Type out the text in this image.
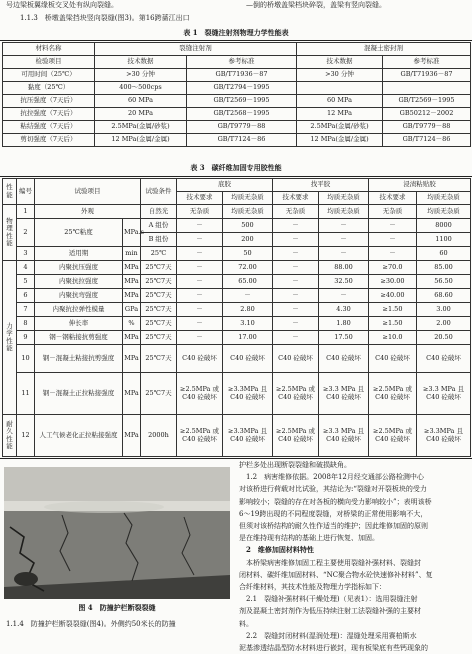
号边梁板翼缘板交叉处有纵向裂缝。	—倒的桥墩盖梁档块碎裂，盖梁有竖向裂缝。
1.1.3　桥墩盖梁挡块竖向裂缝(图3)。第16跨蔷江出口
表 1　裂缝注射剂物理力学性能表
材料名称	裂缝注射剂		混凝土密封剂	
检验项目	技术数据	参考标准	技术数据	参考标准
可用时间（25℃）	>30 分钟	GB/T71936－87	>30 分钟	GB/T71936－87
黏度（25℃）	400～500cps	GB/T2794－1995		
抗压强度（7天后）	60 MPa	GB/T2569－1995	60 MPa	GB/T2569－1995
抗拉强度（7天后）	20 MPa	GB/T2568－1995	12 MPa	GB50212－2002
粘结强度（7天后）	2.5MPa(金属/砂浆)	GB/T9779－88	2.5MPa(金属/砂浆)	GB/T9779－88
剪切强度（7天后）	12 MPa(金属/金属)	GB/T7124－86	12 MPa(金属/金属)	GB/T7124－86
表 3　碳纤维加固专用胶性能
性能	编号	试验项目		试验条件	底胶		找平胶		浸渍粘贴胶	
					技术要求	均质无杂质	技术要求	均质无杂质	技术要求	均质无杂质
物理性能	1	外观		自然光	无杂质	均质无杂质	无杂质	均质无杂质	无杂质	均质无杂质
	2	25℃粘度	MPa.s	A 组份	－	500	－	－	－	8000
				B 组份	－	200	－	－	－	1100
	3	适用期	min	25℃	－	50	－	－	－	60
力学性能	4	内聚抗压强度	MPa	25℃7天	－	72.00	－	88.00	≥70.0	85.00
	5	内聚抗拉强度	MPa	25℃7天	－	65.00	－	32.50	≥30.00	56.50
	6	内聚抗弯强度	MPa	25℃7天	－	－	－	－	≥40.00	68.60
	7	内聚抗拉弹性模量	GPa	25℃7天	－	2.80	－	4.30	≥1.50	3.00
	8	伸长率	%	25℃7天	－	3.10	－	1.80	≥1.50	2.00
	9	钢－钢粘接抗剪强度	MPa	25℃7天	－	17.00	－	17.50	≥10.0	20.50
	10	钢－混凝土粘接抗剪强度	MPa	25℃7天	C40 砼破坏	C40 砼破坏	C40 砼破坏	C40 砼破坏	C40 砼破坏	C40 砼破坏
	11	钢－混凝土正拉粘接强度	MPa	25℃7天	≥2.5MPa 或 C40 砼破坏	≥3.3MPa 且 C40 砼破坏	≥2.5MPa 或 C40 砼破坏	≥3.3 MPa 且 C40 砼破坏	≥2.5MPa 或 C40 砼破坏	≥3.3 MPa 且 C40 砼破坏
耐久性能	12	人工气候老化正拉粘接强度	MPa	2000h	≥2.5MPa 或 C40 砼破坏	≥3.3MPa 且 C40 砼破坏	≥2.5MPa 或 C40 砼破坏	≥3.3 MPa 且 C40 砼破坏	≥2.5MPa 或 C40 砼破坏	≥3.3MPa 且 C40 砼破坏
图 4　防撞护栏断裂裂缝
1.1.4　防撞护栏断裂裂缝(图4)。外侧约50米长的防撞
护栏多处出现断裂裂缝和破损缺角。
　1.2　病害维修依据。2008年12月经交通部公路检测中心
对该桥进行荷载对比试验，其结论为:“裂缝对开裂板块的受力
影响较小；裂缝的存在对各板的横向受力影响较小”；表明该桥
6～19跨出现的不同程度裂缝，对桥梁的正常使用影响不大，
但须对该桥结构的耐久性作适当的维护；因此维修加固的原则
是在维持现有结构的基础上进行恢复、加固。
　2　维修加固材料特性
　本桥梁病害维修加固工程主要使用裂缝补强材料、裂缝封
闭材料、碳纤维加固材料、“NC聚合物水砼快速修补材料”、复
合纤维材料，其技术性能及物理力学指标如下：
　2.1　裂缝补强材料(干燥处理)（见表1）：选用裂缝注射
剂及混凝土密封剂作为低压持续注射工法裂缝补强的主要材
料。
　2.2　裂缝封闭材料(湿润处理)：湿缝处理采用赛柏斯水
泥基渗透结晶型防水材料进行嵌封，现有板梁底有些钙现象的
